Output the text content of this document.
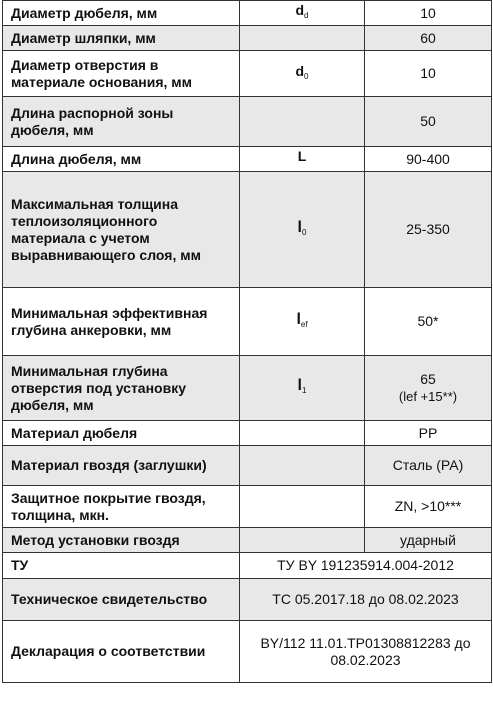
Диаметр дюбеля, мм	$d_d$	10

Диаметр шляпки, мм		60

Диаметр отверстия в материале основания, мм	$d_0$	10

Длина распорной зоны дюбеля, мм		50

Длина дюбеля, мм	L	90-400

Максимальная толщина теплоизоляционного материала с учетом выравнивающего слоя, мм	$l_0$	25-350

Минимальная эффективная глубина анкеровки, мм	$l_{ef}$	50*

Минимальная глубина отверстия под установку дюбеля, мм	$l_1$	65
(lef +15**)

Материал дюбеля		PP

Материал гвоздя (заглушки)		Сталь (PA)

Защитное покрытие гвоздя, толщина, мкн.		ZN, >10***

Метод установки гвоздя		ударный

ТУ	ТУ BY 191235914.004-2012	
Техническое свидетельство	ТС 05.2017.18 до 08.02.2023	
Декларация о соответствии	BY/112 11.01.ТР01308812283 до 08.02.2023	
